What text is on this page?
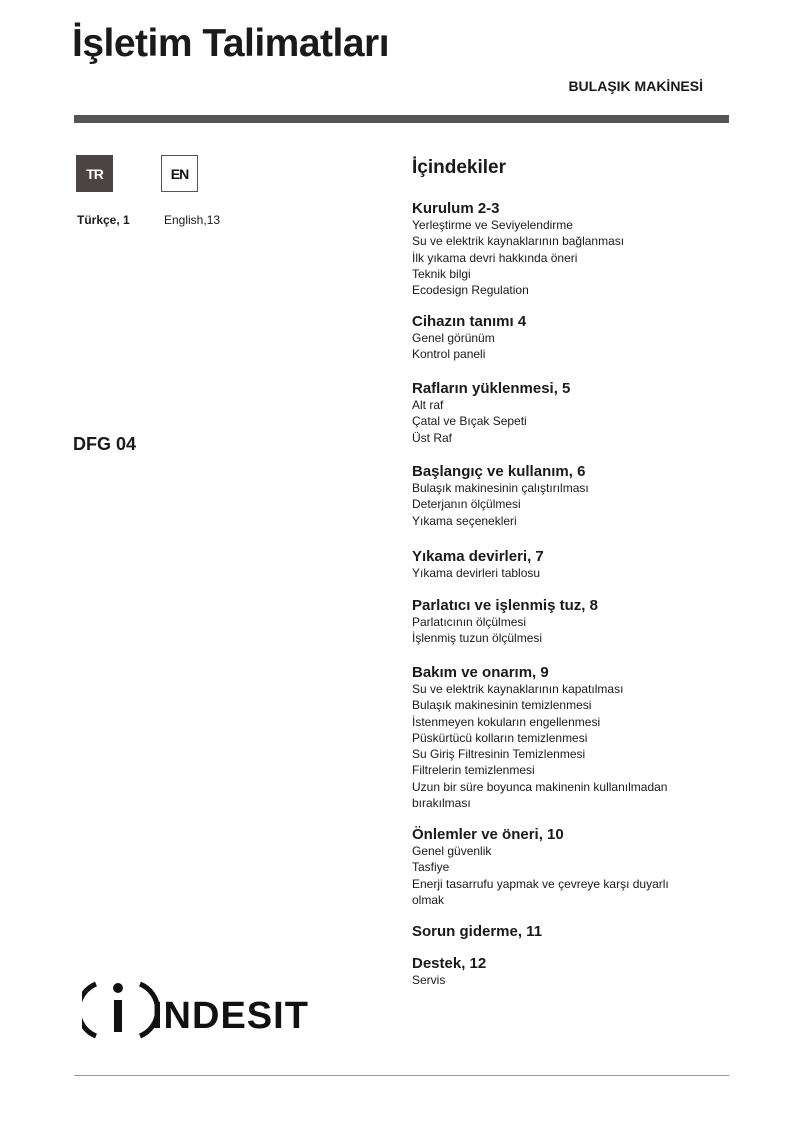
İşletim Talimatları
BULAŞIK MAKİNESİ
TR	EN
Türkçe, 1	English,13
DFG 04
İçindekiler
Kurulum 2-3
Yerleştirme ve Seviyelendirme
Su ve elektrik kaynaklarının bağlanması
İlk yıkama devri hakkında öneri
Teknik bilgi
Ecodesign Regulation
Cihazın tanımı 4
Genel görünüm
Kontrol paneli
Rafların yüklenmesi, 5
Alt raf
Çatal ve Bıçak Sepeti
Üst Raf
Başlangıç ve kullanım, 6
Bulaşık makinesinin çalıştırılması
Deterjanın ölçülmesi
Yıkama seçenekleri
Yıkama devirleri, 7
Yıkama devirleri tablosu
Parlatıcı ve işlenmiş tuz, 8
Parlatıcının ölçülmesi
İşlenmiş tuzun ölçülmesi
Bakım ve onarım, 9
Su ve elektrik kaynaklarının kapatılması
Bulaşık makinesinin temizlenmesi
İstenmeyen kokuların engellenmesi
Püskürtücü kolların temizlenmesi
Su Giriş Filtresinin Temizlenmesi
Filtrelerin temizlenmesi
Uzun bir süre boyunca makinenin kullanılmadan
bırakılması
Önlemler ve öneri, 10
Genel güvenlik
Tasfiye
Enerji tasarrufu yapmak ve çevreye karşı duyarlı
olmak
Sorun giderme, 11
Destek, 12
Servis
INDESIT
